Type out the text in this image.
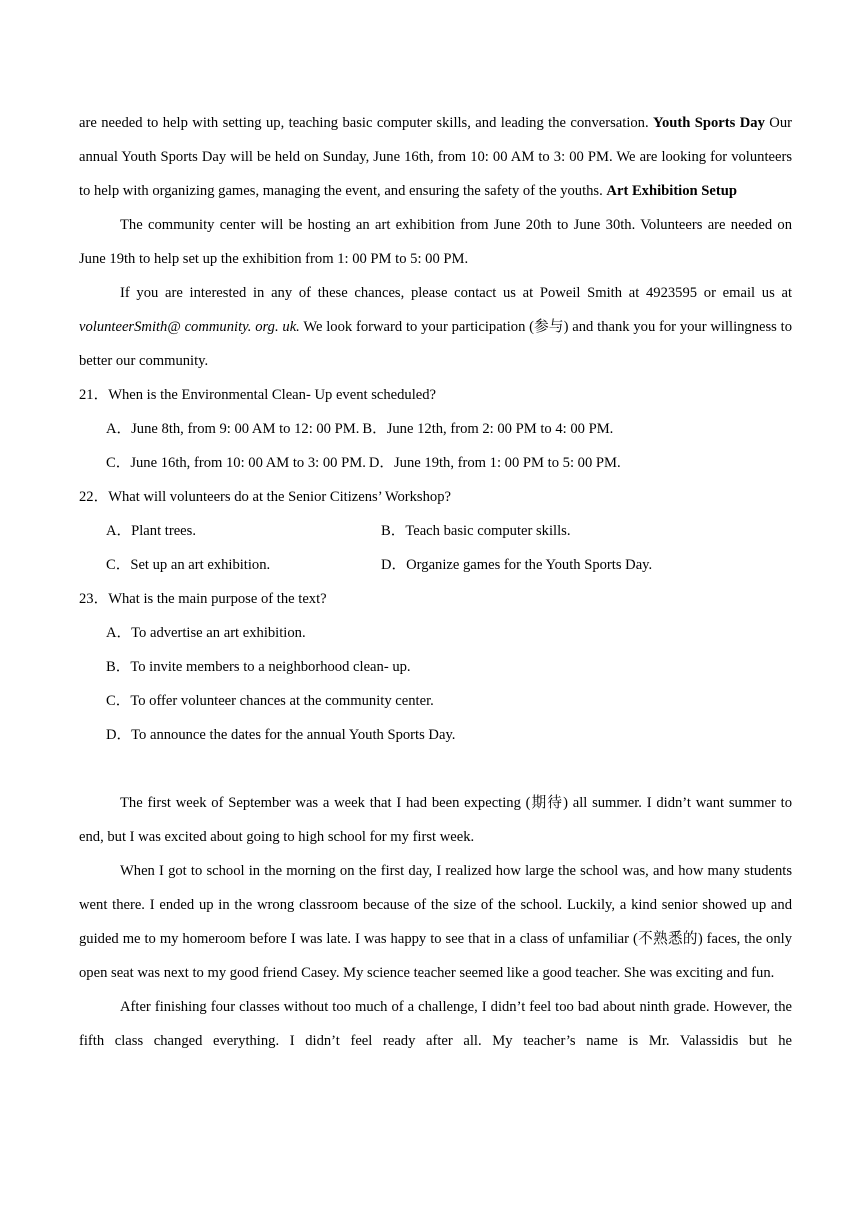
are needed to help with setting up, teaching basic computer skills, and leading the conversation. Youth Sports Day Our annual Youth Sports Day will be held on Sunday, June 16th, from 10: 00 AM to 3: 00 PM. We are looking for volunteers to help with organizing games, managing the event, and ensuring the safety of the youths. Art Exhibition Setup

The community center will be hosting an art exhibition from June 20th to June 30th. Volunteers are needed on June 19th to help set up the exhibition from 1: 00 PM to 5: 00 PM.

If you are interested in any of these chances, please contact us at Poweil Smith at 4923595 or email us at volunteerSmith@ community. org. uk. We look forward to your participation (参与) and thank you for your willingness to better our community.

21．When is the Environmental Clean- Up event scheduled?

A．June 8th, from 9: 00 AM to 12: 00 PM. B．June 12th, from 2: 00 PM to 4: 00 PM.
C．June 16th, from 10: 00 AM to 3: 00 PM. D．June 19th, from 1: 00 PM to 5: 00 PM.

22．What will volunteers do at the Senior Citizens’ Workshop?

A．Plant trees.	B．Teach basic computer skills.
C．Set up an art exhibition.	D．Organize games for the Youth Sports Day.

23．What is the main purpose of the text?

A．To advertise an art exhibition.
B．To invite members to a neighborhood clean- up.
C．To offer volunteer chances at the community center.
D．To announce the dates for the annual Youth Sports Day.

The first week of September was a week that I had been expecting (期待) all summer. I didn’t want summer to end, but I was excited about going to high school for my first week.

When I got to school in the morning on the first day, I realized how large the school was, and how many students went there. I ended up in the wrong classroom because of the size of the school. Luckily, a kind senior showed up and guided me to my homeroom before I was late. I was happy to see that in a class of unfamiliar (不熟悉的) faces, the only open seat was next to my good friend Casey. My science teacher seemed like a good teacher. She was exciting and fun.

After finishing four classes without too much of a challenge, I didn’t feel too bad about ninth grade. However, the fifth class changed everything. I didn’t feel ready after all. My teacher’s name is Mr. Valassidis but he
